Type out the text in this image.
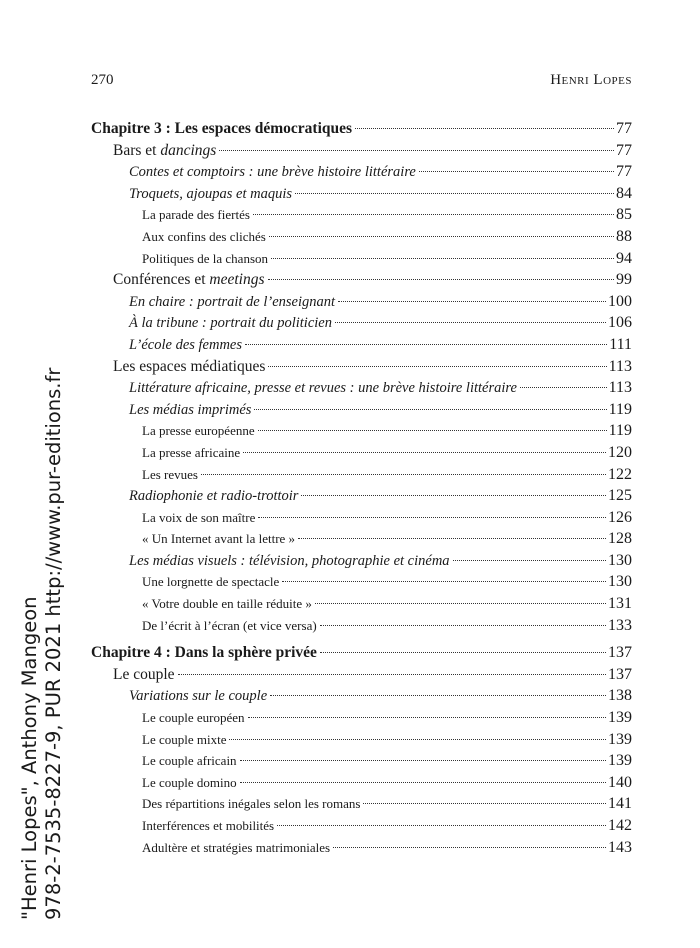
270	Henri Lopes
Chapitre 3 : Les espaces démocratiques	77
Bars et dancings	77
Contes et comptoirs : une brève histoire littéraire	77
Troquets, ajoupas et maquis	84
La parade des fiertés	85
Aux confins des clichés	88
Politiques de la chanson	94
Conférences et meetings	99
En chaire : portrait de l’enseignant	100
À la tribune : portrait du politicien	106
L’école des femmes	111
Les espaces médiatiques	113
Littérature africaine, presse et revues : une brève histoire littéraire	113
Les médias imprimés	119
La presse européenne	119
La presse africaine	120
Les revues	122
Radiophonie et radio-trottoir	125
La voix de son maître	126
« Un Internet avant la lettre »	128
Les médias visuels : télévision, photographie et cinéma	130
Une lorgnette de spectacle	130
« Votre double en taille réduite »	131
De l’écrit à l’écran (et vice versa)	133
Chapitre 4 : Dans la sphère privée	137
Le couple	137
Variations sur le couple	138
Le couple européen	139
Le couple mixte	139
Le couple africain	139
Le couple domino	140
Des répartitions inégales selon les romans	141
Interférences et mobilités	142
Adultère et stratégies matrimoniales	143
"Henri Lopes", Anthony Mangeon 978-2-7535-8227-9, PUR 2021 http://www.pur-editions.fr
